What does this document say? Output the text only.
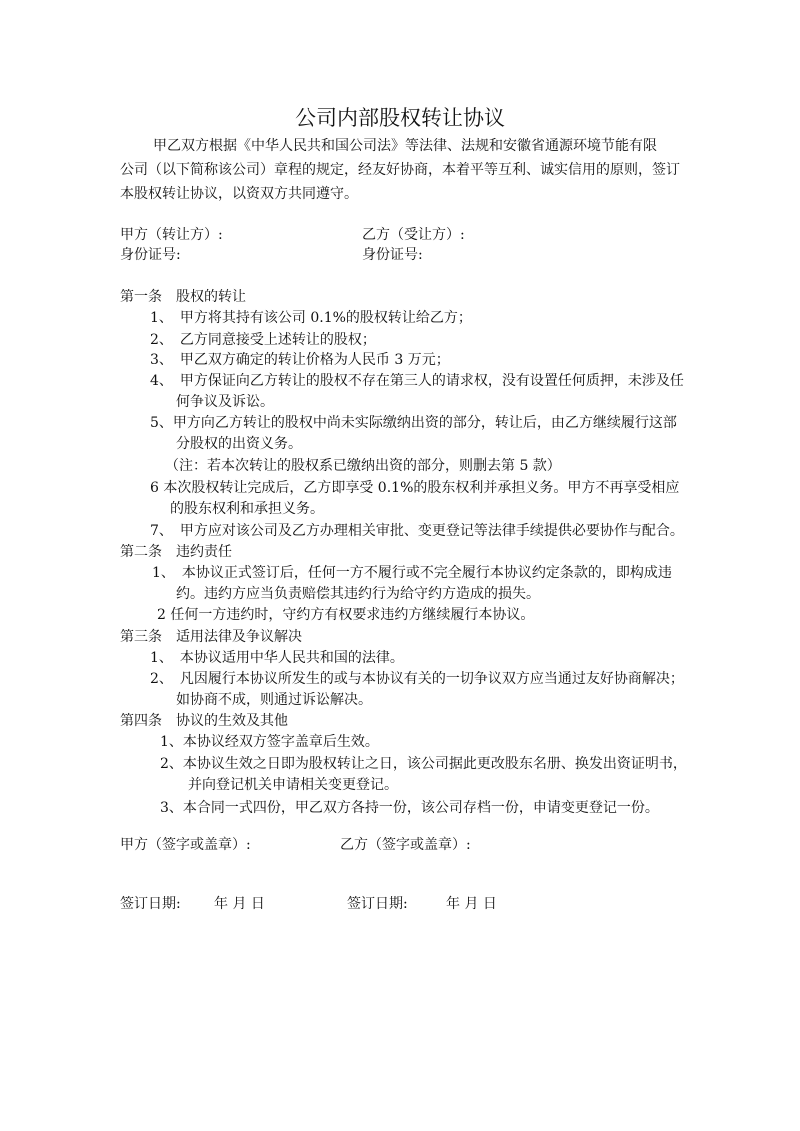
公司内部股权转让协议
甲乙双方根据《中华人民共和国公司法》等法律、法规和安徽省通源环境节能有限
公司（以下简称该公司）章程的规定，经友好协商，本着平等互利、诚实信用的原则，签订
本股权转让协议，以资双方共同遵守。
甲方（转让方）:	乙方（受让方）:
身份证号:	身份证号:
第一条　股权的转让
1、　甲方将其持有该公司 0.1%的股权转让给乙方；
2、　乙方同意接受上述转让的股权；
3、　甲乙双方确定的转让价格为人民币 3 万元；
4、　甲方保证向乙方转让的股权不存在第三人的请求权，没有设置任何质押，未涉及任
何争议及诉讼。
5、甲方向乙方转让的股权中尚未实际缴纳出资的部分，转让后，由乙方继续履行这部
分股权的出资义务。
（注：若本次转让的股权系已缴纳出资的部分，则删去第 5 款）
6 本次股权转让完成后，乙方即享受 0.1%的股东权利并承担义务。甲方不再享受相应
的股东权利和承担义务。
7、　甲方应对该公司及乙方办理相关审批、变更登记等法律手续提供必要协作与配合。
第二条　违约责任
1、　本协议正式签订后，任何一方不履行或不完全履行本协议约定条款的，即构成违
约。违约方应当负责赔偿其违约行为给守约方造成的损失。
2 任何一方违约时，守约方有权要求违约方继续履行本协议。
第三条　适用法律及争议解决
1、　本协议适用中华人民共和国的法律。
2、　凡因履行本协议所发生的或与本协议有关的一切争议双方应当通过友好协商解决；
如协商不成，则通过诉讼解决。
第四条　协议的生效及其他
1、本协议经双方签字盖章后生效。
2、本协议生效之日即为股权转让之日，该公司据此更改股东名册、换发出资证明书，
并向登记机关申请相关变更登记。
3、本合同一式四份，甲乙双方各持一份，该公司存档一份，申请变更登记一份。
甲方（签字或盖章）:	乙方（签字或盖章）:
签订日期: 年 月 日	签订日期:	年 月 日
